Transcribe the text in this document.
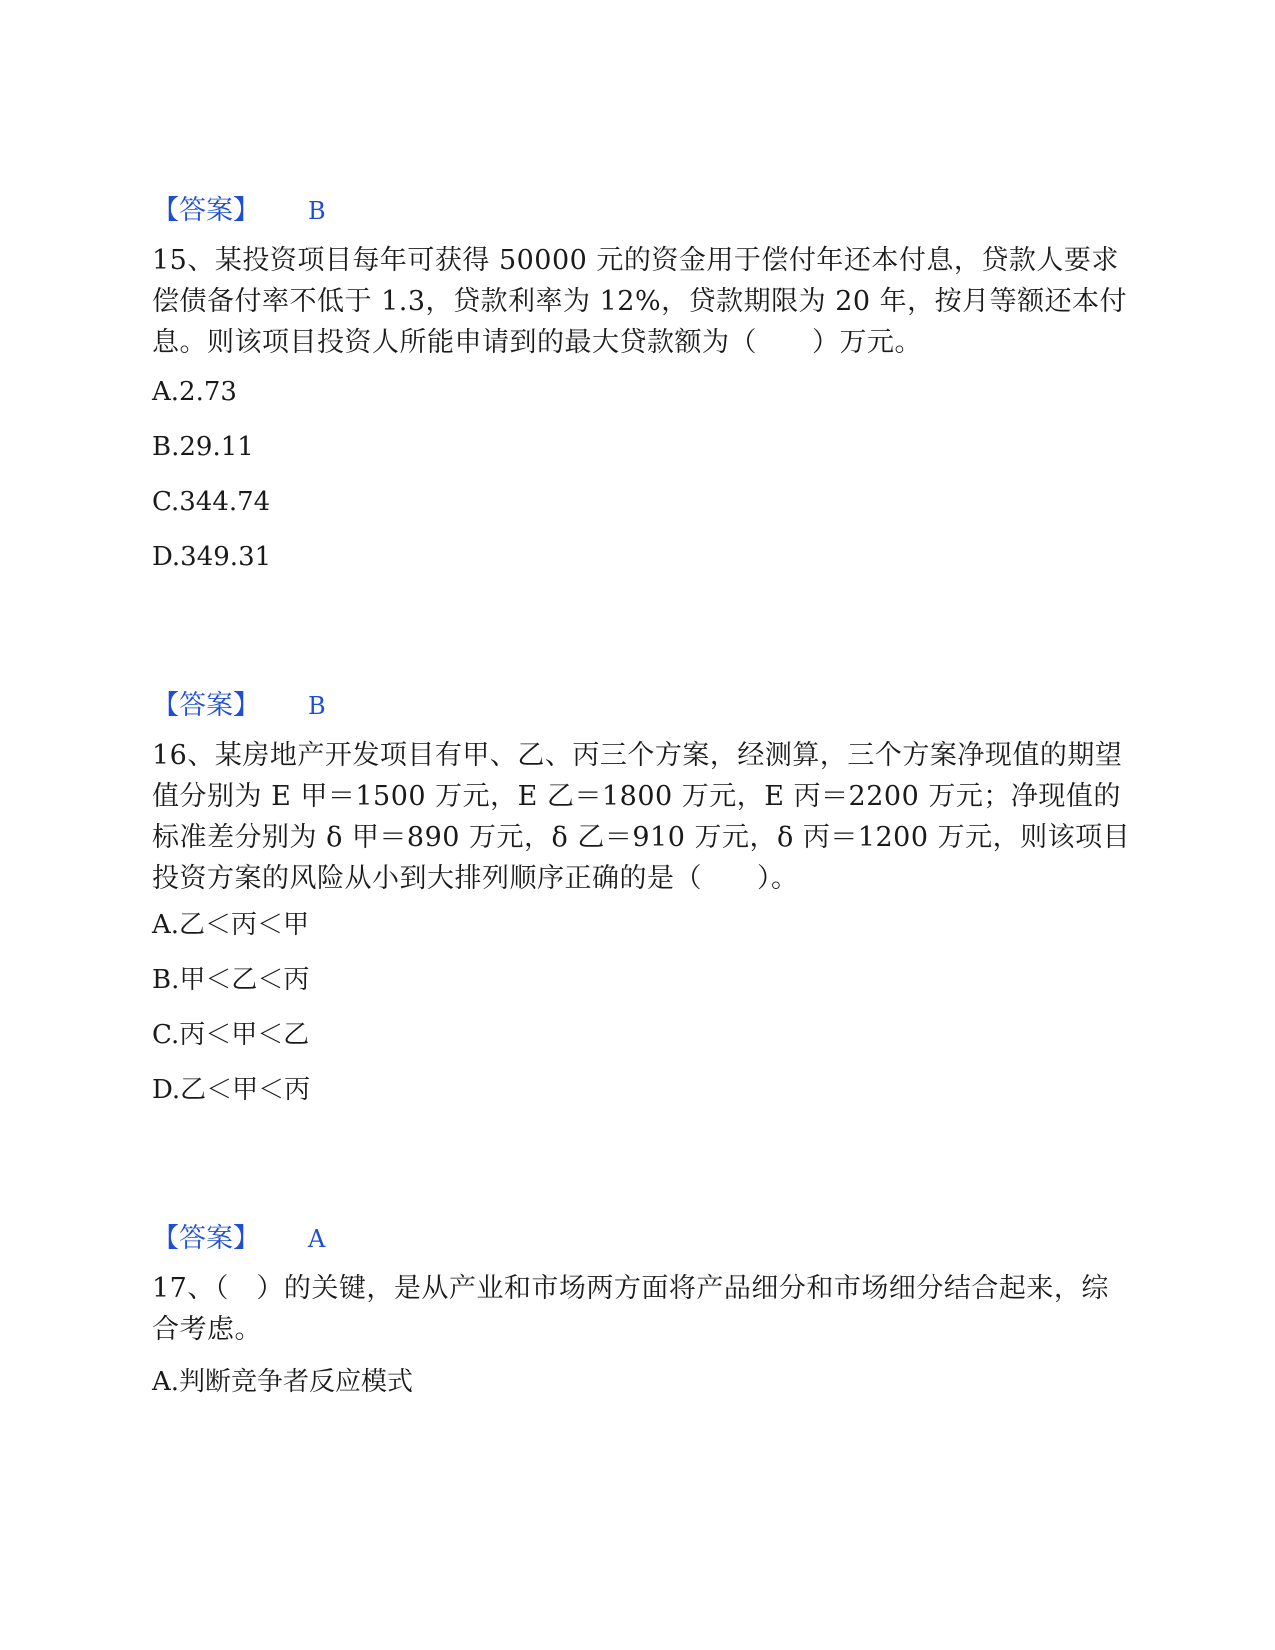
【答案】 B
15、某投资项目每年可获得 50000 元的资金用于偿付年还本付息，贷款人要求偿债备付率不低于 1.3，贷款利率为 12%，贷款期限为 20 年，按月等额还本付息。则该项目投资人所能申请到的最大贷款额为（　　）万元。
A.2.73
B.29.11
C.344.74
D.349.31
【答案】 B
16、某房地产开发项目有甲、乙、丙三个方案，经测算，三个方案净现值的期望值分别为 E 甲＝1500 万元，E 乙＝1800 万元，E 丙＝2200 万元；净现值的标准差分别为 δ 甲＝890 万元，δ 乙＝910 万元，δ 丙＝1200 万元，则该项目投资方案的风险从小到大排列顺序正确的是（　　）。
A.乙＜丙＜甲
B.甲＜乙＜丙
C.丙＜甲＜乙
D.乙＜甲＜丙
【答案】 A
17、（　）的关键，是从产业和市场两方面将产品细分和市场细分结合起来，综合考虑。
A.判断竞争者反应模式
